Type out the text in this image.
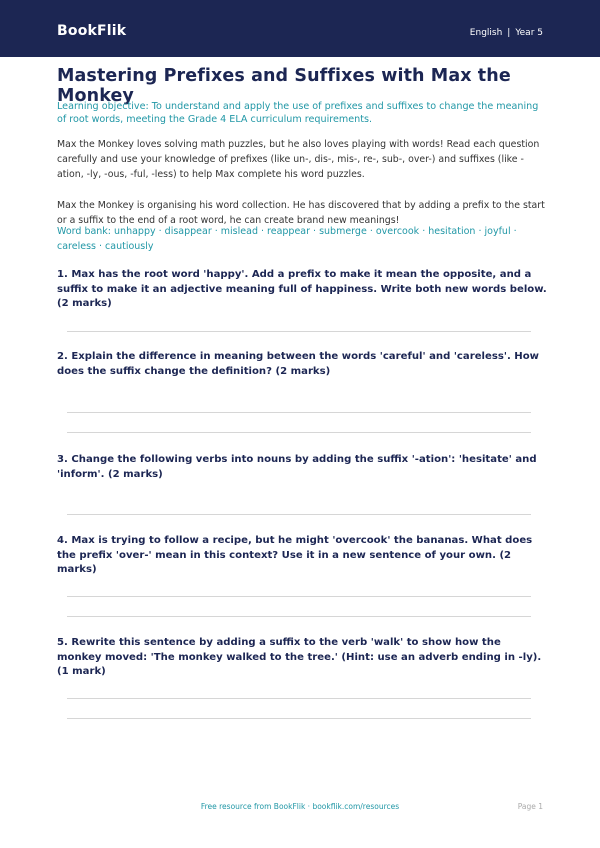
BookFlik	English | Year 5
Mastering Prefixes and Suffixes with Max the Monkey

Learning objective: To understand and apply the use of prefixes and suffixes to change the meaning of root words, meeting the Grade 4 ELA curriculum requirements.

Max the Monkey loves solving math puzzles, but he also loves playing with words! Read each question carefully and use your knowledge of prefixes (like un-, dis-, mis-, re-, sub-, over-) and suffixes (like -ation, -ly, -ous, -ful, -less) to help Max complete his word puzzles.

Max the Monkey is organising his word collection. He has discovered that by adding a prefix to the start or a suffix to the end of a root word, he can create brand new meanings!

Word bank: unhappy · disappear · mislead · reappear · submerge · overcook · hesitation · joyful · careless · cautiously

1. Max has the root word 'happy'. Add a prefix to make it mean the opposite, and a suffix to make it an adjective meaning full of happiness. Write both new words below. (2 marks)

2. Explain the difference in meaning between the words 'careful' and 'careless'. How does the suffix change the definition? (2 marks)

3. Change the following verbs into nouns by adding the suffix '-ation': 'hesitate' and 'inform'. (2 marks)

4. Max is trying to follow a recipe, but he might 'overcook' the bananas. What does the prefix 'over-' mean in this context? Use it in a new sentence of your own. (2 marks)

5. Rewrite this sentence by adding a suffix to the verb 'walk' to show how the monkey moved: 'The monkey walked to the tree.' (Hint: use an adverb ending in -ly). (1 mark)

Free resource from BookFlik · bookflik.com/resources	Page 1
